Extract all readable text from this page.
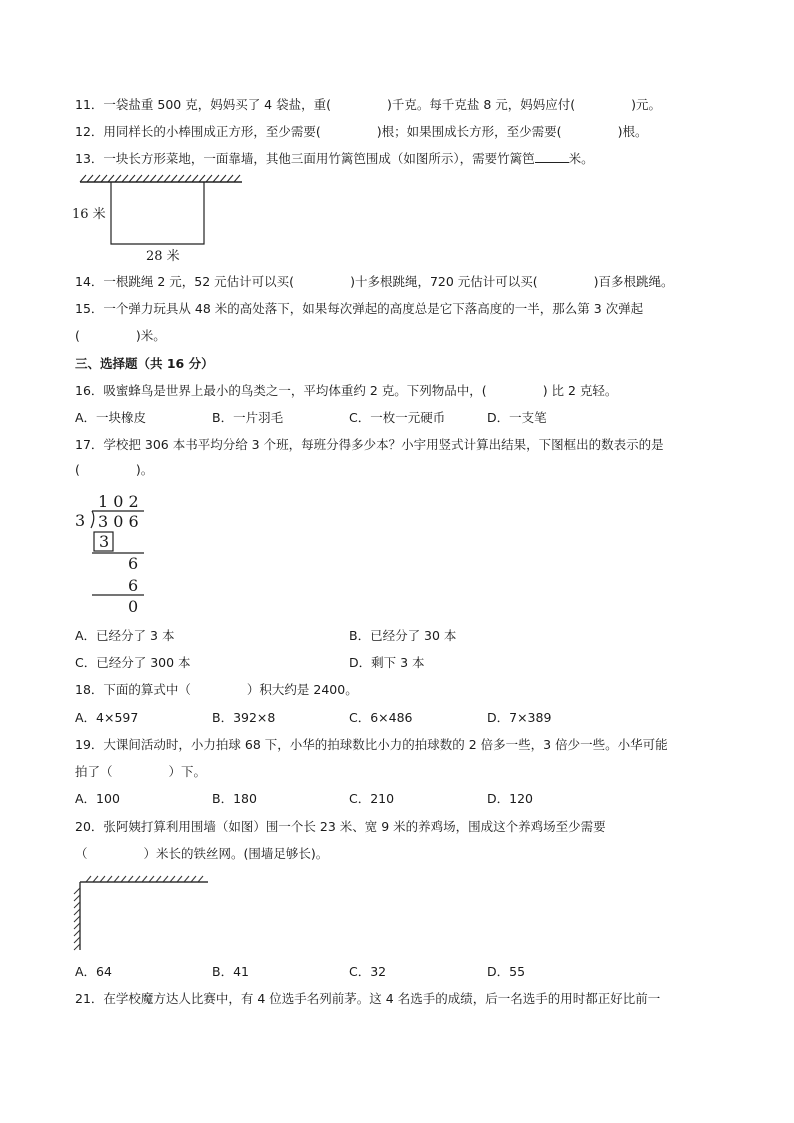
11．一袋盐重 500 克，妈妈买了 4 袋盐，重(	)千克。每千克盐 8 元，妈妈应付(	)元。
12．用同样长的小棒围成正方形，至少需要(	)根；如果围成长方形，至少需要(	)根。
13．一块长方形菜地，一面靠墙，其他三面用竹篱笆围成（如图所示），需要竹篱笆	米。
16 米
28 米
14．一根跳绳 2 元，52 元估计可以买(	)十多根跳绳，720 元估计可以买(	)百多根跳绳。
15．一个弹力玩具从 48 米的高处落下，如果每次弹起的高度总是它下落高度的一半，那么第 3 次弹起
(	)米。
三、选择题（共 16 分）
16．吸蜜蜂鸟是世界上最小的鸟类之一，平均体重约 2 克。下列物品中，(	) 比 2 克轻。
A．一块橡皮	B．一片羽毛	C．一枚一元硬币	D．一支笔
17．学校把 306 本书平均分给 3 个班，每班分得多少本？小宇用竖式计算出结果，下图框出的数表示的是
(	)。
1 0 2
3 3 0 6
3
6
6
0
A．已经分了 3 本	B．已经分了 30 本
C．已经分了 300 本	D．剩下 3 本
18．下面的算式中（	）积大约是 2400。
A．4×597	B．392×8	C．6×486	D．7×389
19．大课间活动时，小力拍球 68 下，小华的拍球数比小力的拍球数的 2 倍多一些，3 倍少一些。小华可能
拍了（	）下。
A．100	B．180	C．210	D．120
20．张阿姨打算利用围墙（如图）围一个长 23 米、宽 9 米的养鸡场，围成这个养鸡场至少需要
（	）米长的铁丝网。(围墙足够长)。
A．64	B．41	C．32	D．55
21．在学校魔方达人比赛中，有 4 位选手名列前茅。这 4 名选手的成绩，后一名选手的用时都正好比前一
